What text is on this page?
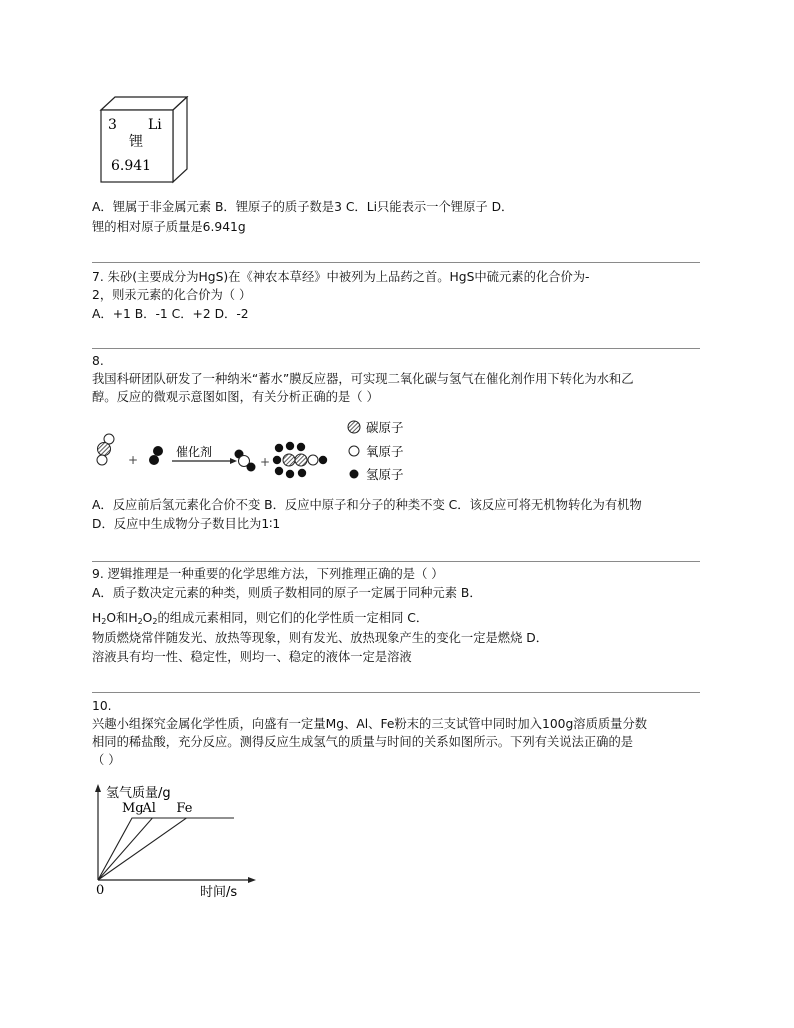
3 Li
锂
6.941
A．锂属于非金属元素 B．锂原子的质子数是3 C．Li只能表示一个锂原子 D．
锂的相对原子质量是6.941g
7. 朱砂(主要成分为HgS)在《神农本草经》中被列为上品药之首。HgS中硫元素的化合价为-
2，则汞元素的化合价为（ ）
A．+1 B．-1 C．+2 D．-2
8.
我国科研团队研发了一种纳米“蓄水”膜反应器，可实现二氧化碳与氢气在催化剂作用下转化为水和乙
醇。反应的微观示意图如图，有关分析正确的是（ ）
+
催化剂
+
碳原子
氧原子
氢原子
A．反应前后氢元素化合价不变 B．反应中原子和分子的种类不变 C．该反应可将无机物转化为有机物
D．反应中生成物分子数目比为1∶1
9. 逻辑推理是一种重要的化学思维方法，下列推理正确的是（ ）
A．质子数决定元素的种类，则质子数相同的原子一定属于同种元素 B．
$H_2O$和$H_2O_2$的组成元素相同，则它们的化学性质一定相同 C．
物质燃烧常伴随发光、放热等现象，则有发光、放热现象产生的变化一定是燃烧 D．
溶液具有均一性、稳定性，则均一、稳定的液体一定是溶液
10.
兴趣小组探究金属化学性质，向盛有一定量Mg、Al、Fe粉末的三支试管中同时加入100g溶质质量分数
相同的稀盐酸，充分反应。测得反应生成氢气的质量与时间的关系如图所示。下列有关说法正确的是
（ ）
氢气质量/g
时间/s
0
Mg
Al Fe
